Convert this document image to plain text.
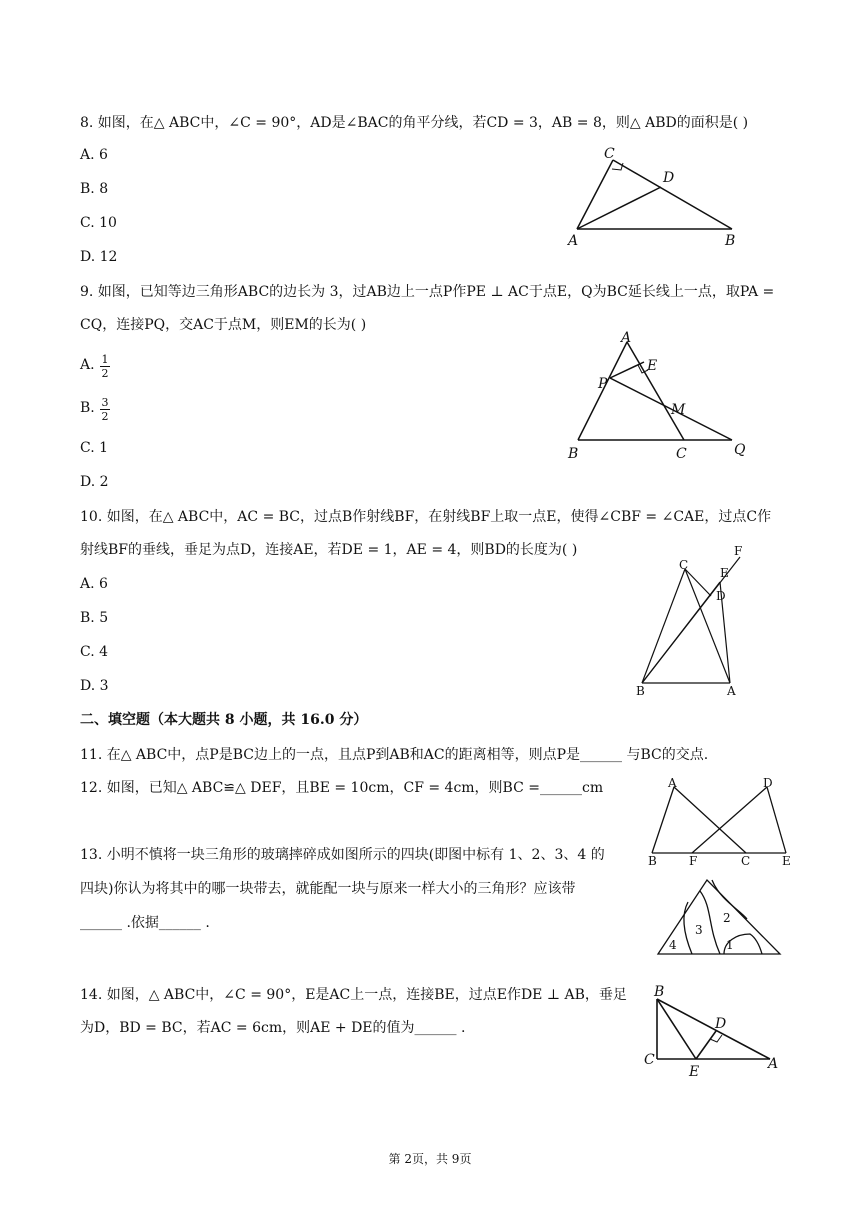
8. 如图，在△ ABC中，∠C = 90°，AD是∠BAC的角平分线，若CD = 3，AB = 8，则△ ABD的面积是( )
A. 6
B. 8
C. 10
D. 12
C
D
A	B
9. 如图，已知等边三角形ABC的边长为 3，过AB边上一点P作PE ⊥ AC于点E，Q为BC延长线上一点，取PA =
CQ，连接PQ，交AC于点M，则EM的长为( )
A. $\frac{1}{2}$
B. $\frac{3}{2}$
C. 1
D. 2
A
E
P
M
B	C	Q
10. 如图，在△ ABC中，AC = BC，过点B作射线BF，在射线BF上取一点E，使得∠CBF = ∠CAE，过点C作
射线BF的垂线，垂足为点D，连接AE，若DE = 1，AE = 4，则BD的长度为( )
A. 6
B. 5
C. 4
D. 3
F
C
E
D
B	A
二、填空题（本大题共 8 小题，共 16.0 分）
11. 在△ ABC中，点P是BC边上的一点，且点P到AB和AC的距离相等，则点P是______ 与BC的交点.
12. 如图，已知△ ABC≌△ DEF，且BE = 10cm，CF = 4cm，则BC =______cm	A	D
B	F	C	E
13. 小明不慎将一块三角形的玻璃摔碎成如图所示的四块(即图中标有 1、2、3、4 的
四块)你认为将其中的哪一块带去，就能配一块与原来一样大小的三角形？应该带
______ .依据______ .
4
3
2
1
14. 如图，△ ABC中，∠C = 90°，E是AC上一点，连接BE，过点E作DE ⊥ AB，垂足
为D，BD = BC，若AC = 6cm，则AE + DE的值为______ .
B
D
C
E	A
第 2页，共 9页
